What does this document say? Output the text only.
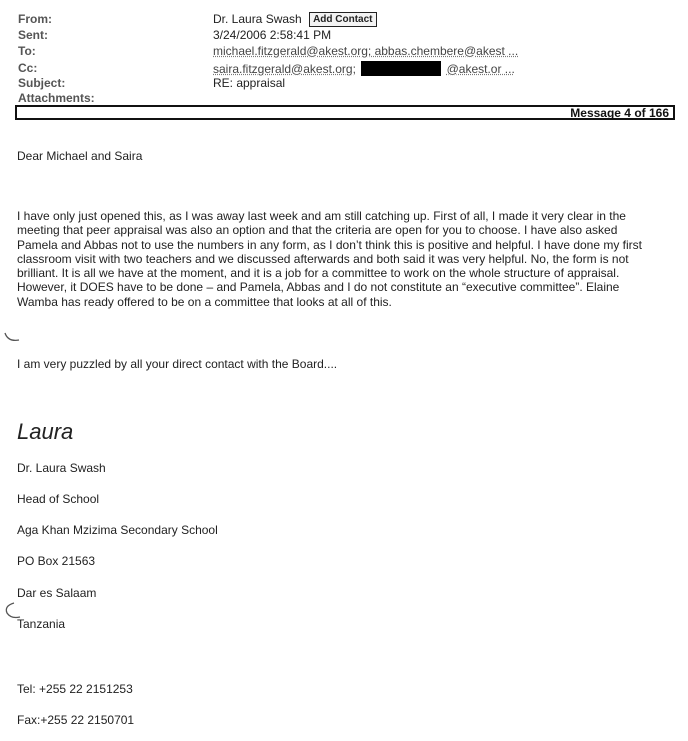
From:
Sent:
To:
Cc:
Subject:
Attachments:
Dr. Laura Swash Add Contact
3/24/2006 2:58:41 PM
michael.fitzgerald@akest.org; abbas.chembere@akest ...
saira.fitzgerald@akest.org;	@akest.or ...
RE: appraisal
Message 4 of 166
Dear Michael and Saira
I have only just opened this, as I was away last week and am still catching up. First of all, I made it very clear in the meeting that peer appraisal was also an option and that the criteria are open for you to choose. I have also asked Pamela and Abbas not to use the numbers in any form, as I don’t think this is positive and helpful. I have done my first classroom visit with two teachers and we discussed afterwards and both said it was very helpful. No, the form is not brilliant. It is all we have at the moment, and it is a job for a committee to work on the whole structure of appraisal. However, it DOES have to be done – and Pamela, Abbas and I do not constitute an “executive committee”. Elaine Wamba has ready offered to be on a committee that looks at all of this.
I am very puzzled by all your direct contact with the Board....
Laura
Dr. Laura Swash
Head of School
Aga Khan Mzizima Secondary School
PO Box 21563
Dar es Salaam
Tanzania
Tel: +255 22 2151253
Fax:+255 22 2150701
